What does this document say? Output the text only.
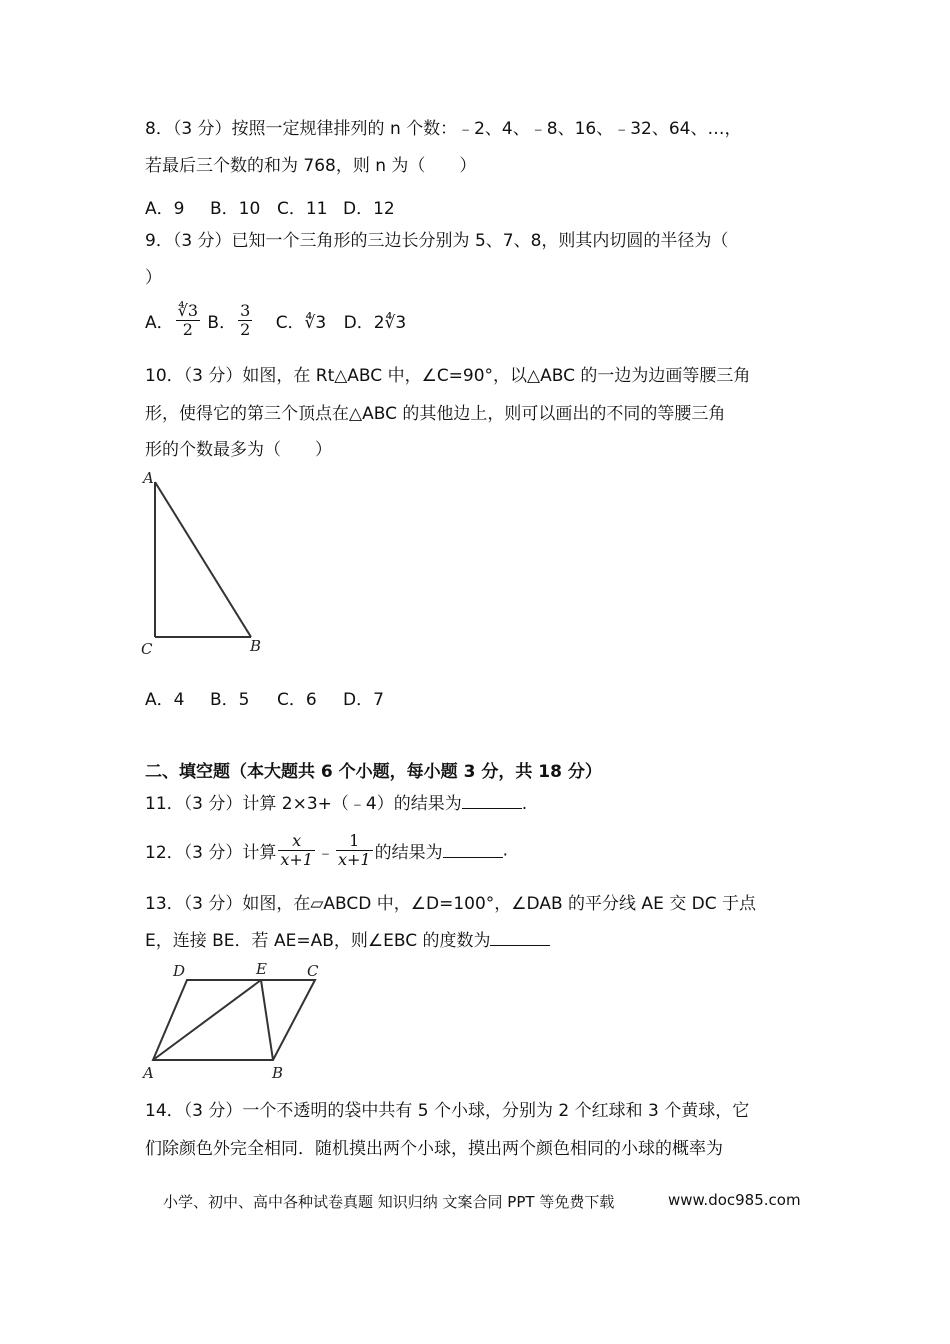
8．（3 分）按照一定规律排列的 n 个数：﹣2、4、﹣8、16、﹣32、64、…，
若最后三个数的和为 768，则 n 为（　　）
A．9 B．10 C．11 D．12
9．（3 分）已知一个三角形的三边长分别为 5、7、8，则其内切圆的半径为（
）
A． $\frac{∜3}{2}$ B． $\frac{3}{2}$ C．∜3 D．2∜3
10．（3 分）如图，在 Rt△ABC 中，∠C=90°，以△ABC 的一边为边画等腰三角
形，使得它的第三个顶点在△ABC 的其他边上，则可以画出的不同的等腰三角
形的个数最多为（　　）
A
C	B
A．4 B．5 C．6 D．7
二、填空题（本大题共 6 个小题，每小题 3 分，共 18 分）
11．（3 分）计算 2×3+（﹣4）的结果为	.
12．（3 分）计算 $\frac{x}{x+1}$ ﹣ $\frac{1}{x+1}$ 的结果为	.
13．（3 分）如图，在▱ABCD 中，∠D=100°，∠DAB 的平分线 AE 交 DC 于点
E，连接 BE．若 AE=AB，则∠EBC 的度数为
D	E	C
A	B
14．（3 分）一个不透明的袋中共有 5 个小球，分别为 2 个红球和 3 个黄球，它
们除颜色外完全相同．随机摸出两个小球，摸出两个颜色相同的小球的概率为
小学、初中、高中各种试卷真题 知识归纳 文案合同 PPT 等免费下载	www.doc985.com
